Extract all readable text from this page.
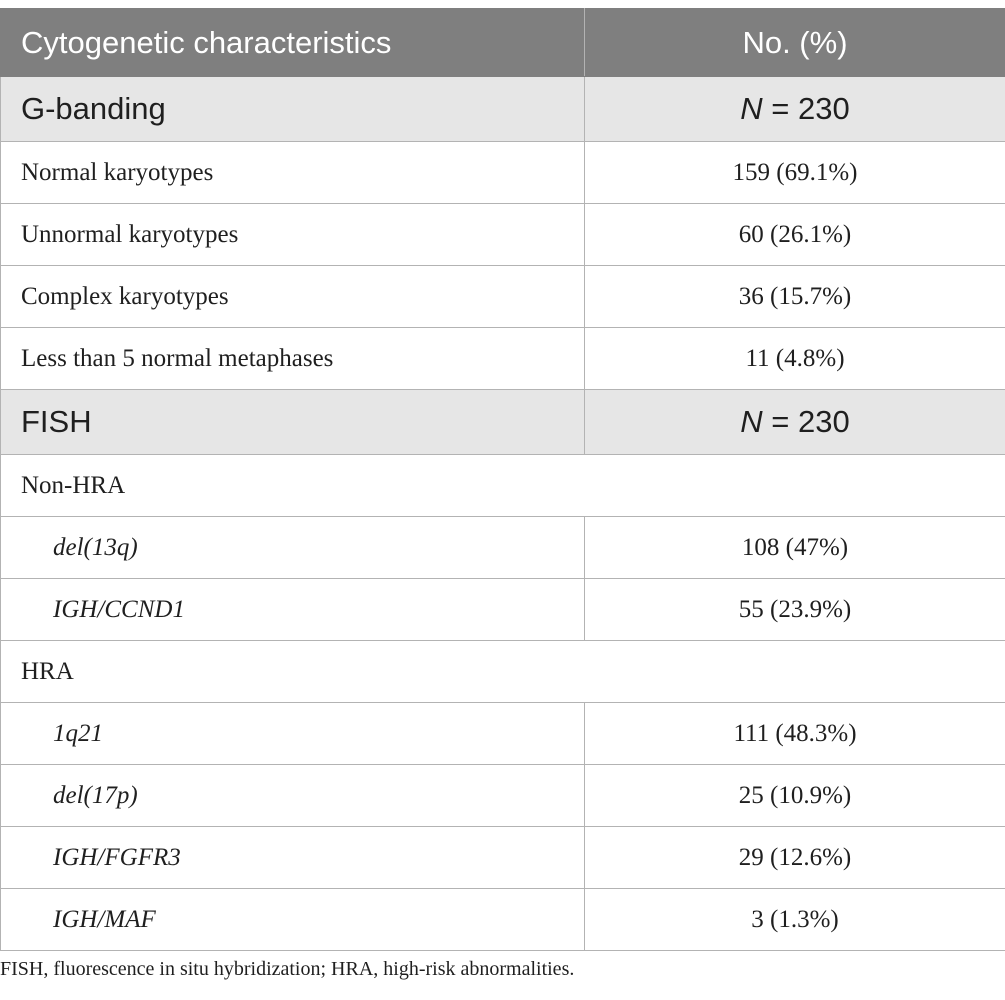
Cytogenetic characteristics	No. (%)
G-banding	N = 230
Normal karyotypes	159 (69.1%)
Unnormal karyotypes	60 (26.1%)
Complex karyotypes	36 (15.7%)
Less than 5 normal metaphases	11 (4.8%)
FISH	N = 230
Non-HRA	
del(13q)	108 (47%)
IGH/CCND1	55 (23.9%)
HRA	
1q21	111 (48.3%)
del(17p)	25 (10.9%)
IGH/FGFR3	29 (12.6%)
IGH/MAF	3 (1.3%)
FISH, fluorescence in situ hybridization; HRA, high-risk abnormalities.
